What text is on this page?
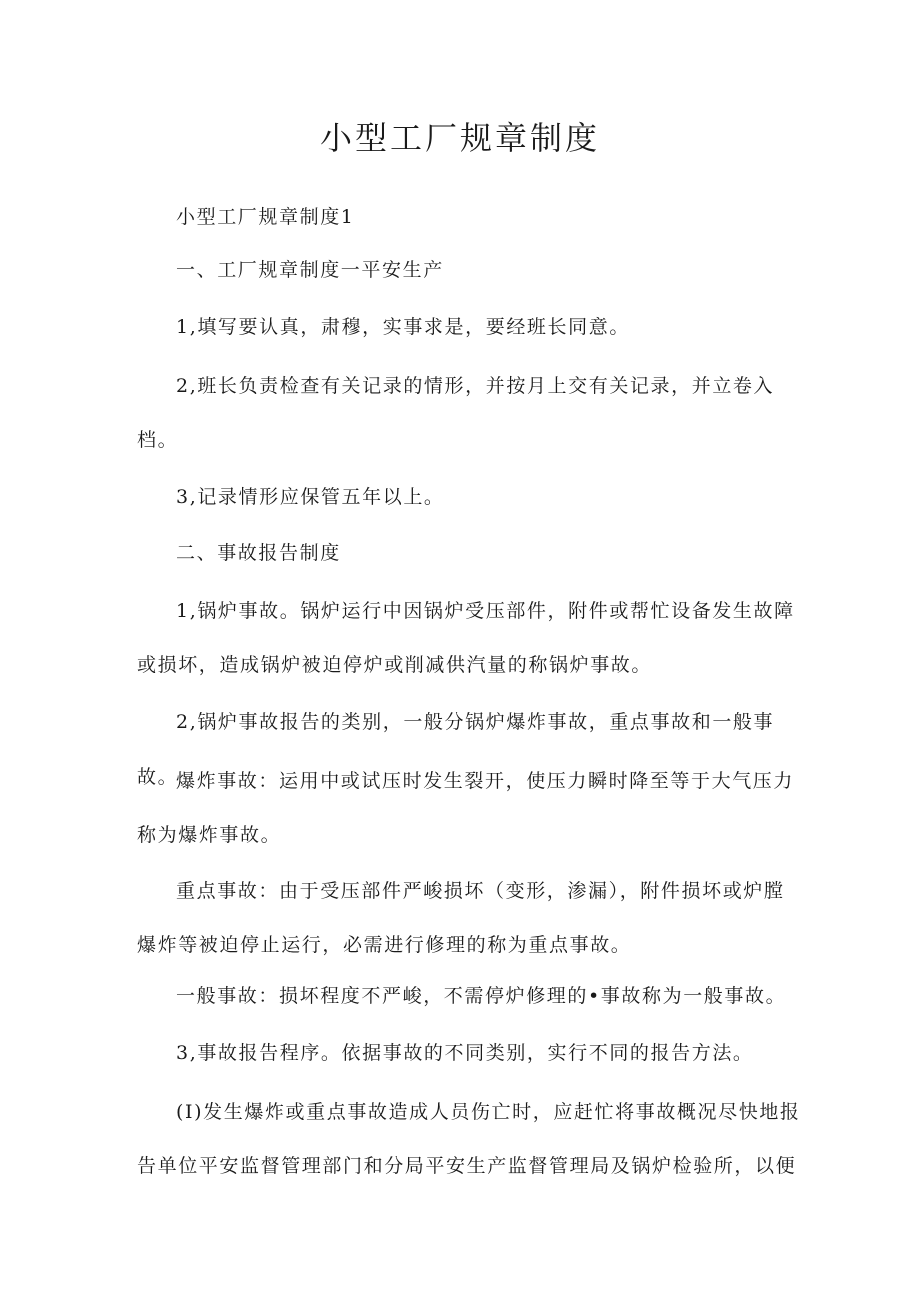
小型工厂规章制度

小型工厂规章制度1

一、工厂规章制度一平安生产

1,填写要认真，肃穆，实事求是，要经班长同意。

2,班长负责检查有关记录的情形，并按月上交有关记录，并立卷入档。

3,记录情形应保管五年以上。

二、事故报告制度

1,锅炉事故。锅炉运行中因锅炉受压部件，附件或帮忙设备发生故障或损坏，造成锅炉被迫停炉或削减供汽量的称锅炉事故。

2,锅炉事故报告的类别，一般分锅炉爆炸事故，重点事故和一般事故。

爆炸事故：运用中或试压时发生裂开，使压力瞬时降至等于大气压力称为爆炸事故。

重点事故：由于受压部件严峻损坏（变形，渗漏），附件损坏或炉膛爆炸等被迫停止运行，必需进行修理的称为重点事故。

一般事故：损坏程度不严峻，不需停炉修理的•事故称为一般事故。

3,事故报告程序。依据事故的不同类别，实行不同的报告方法。

(I)发生爆炸或重点事故造成人员伤亡时，应赶忙将事故概况尽快地报告单位平安监督管理部门和分局平安生产监督管理局及锅炉检验所，以便
